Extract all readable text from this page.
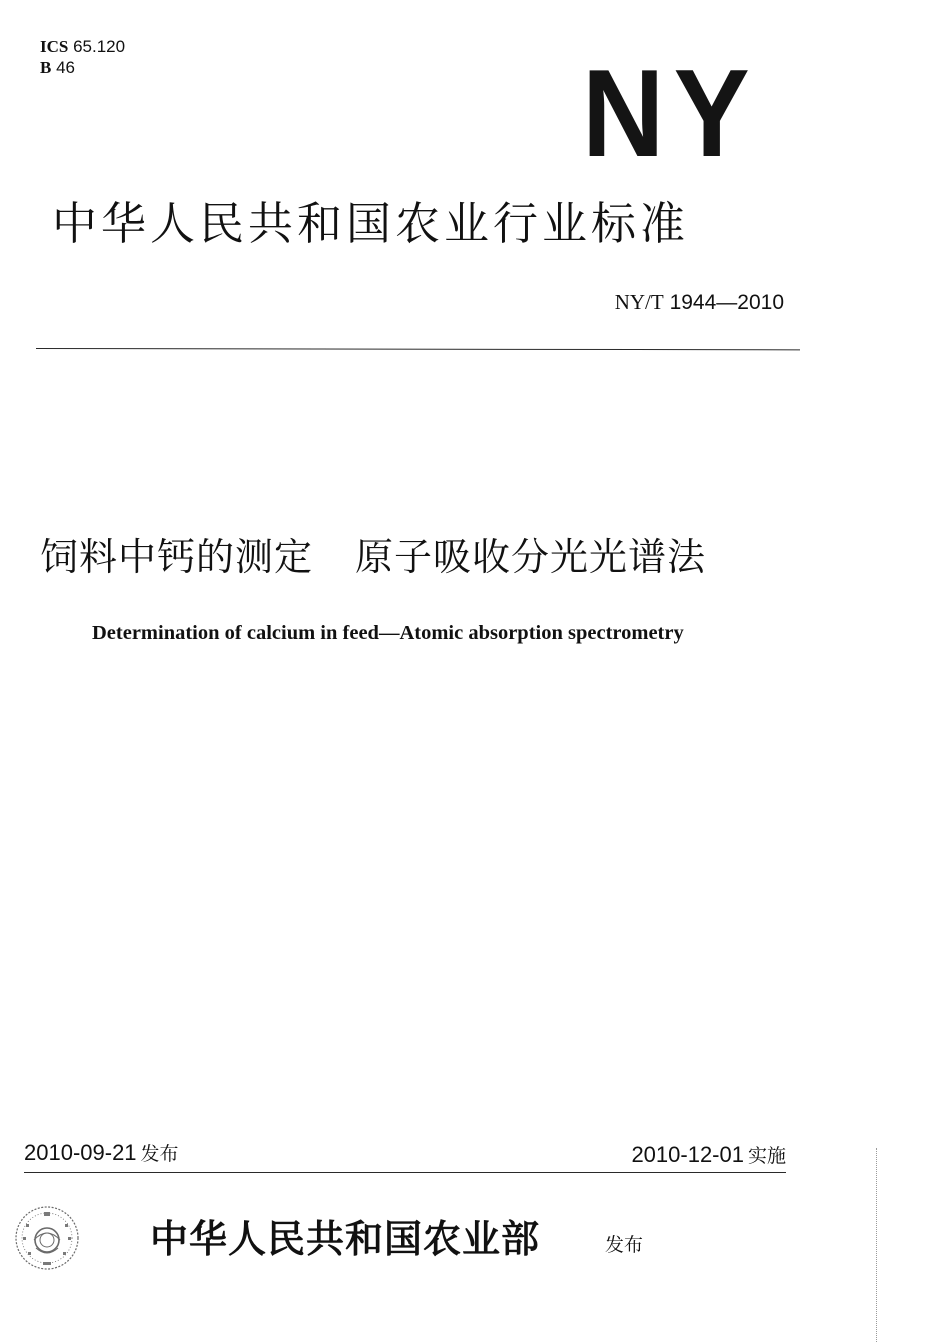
ICS 65.120
B 46	NY
中华人民共和国农业行业标准
NY/T 1944—2010
饲料中钙的测定 原子吸收分光光谱法
Determination of calcium in feed—Atomic absorption spectrometry
2010-09-21 发布	2010-12-01 实施
中华人民共和国农业部	发布
